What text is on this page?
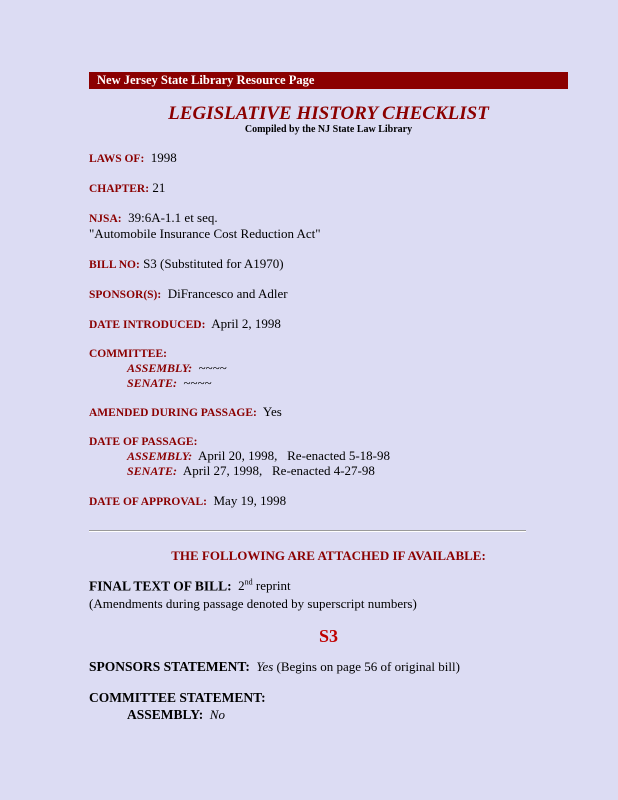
New Jersey State Library Resource Page
LEGISLATIVE HISTORY CHECKLIST
Compiled by the NJ State Law Library
LAWS OF: 1998
CHAPTER: 21
NJSA: 39:6A-1.1 et seq.
"Automobile Insurance Cost Reduction Act"
BILL NO: S3 (Substituted for A1970)
SPONSOR(S): DiFrancesco and Adler
DATE INTRODUCED: April 2, 1998
COMMITTEE:
ASSEMBLY: ~~~~
SENATE: ~~~~
AMENDED DURING PASSAGE: Yes
DATE OF PASSAGE:
ASSEMBLY: April 20, 1998,   Re-enacted 5-18-98
SENATE: April 27, 1998,   Re-enacted 4-27-98
DATE OF APPROVAL: May 19, 1998
THE FOLLOWING ARE ATTACHED IF AVAILABLE:
FINAL TEXT OF BILL: 2nd reprint
(Amendments during passage denoted by superscript numbers)
S3
SPONSORS STATEMENT: Yes (Begins on page 56 of original bill)
COMMITTEE STATEMENT:
ASSEMBLY: No
